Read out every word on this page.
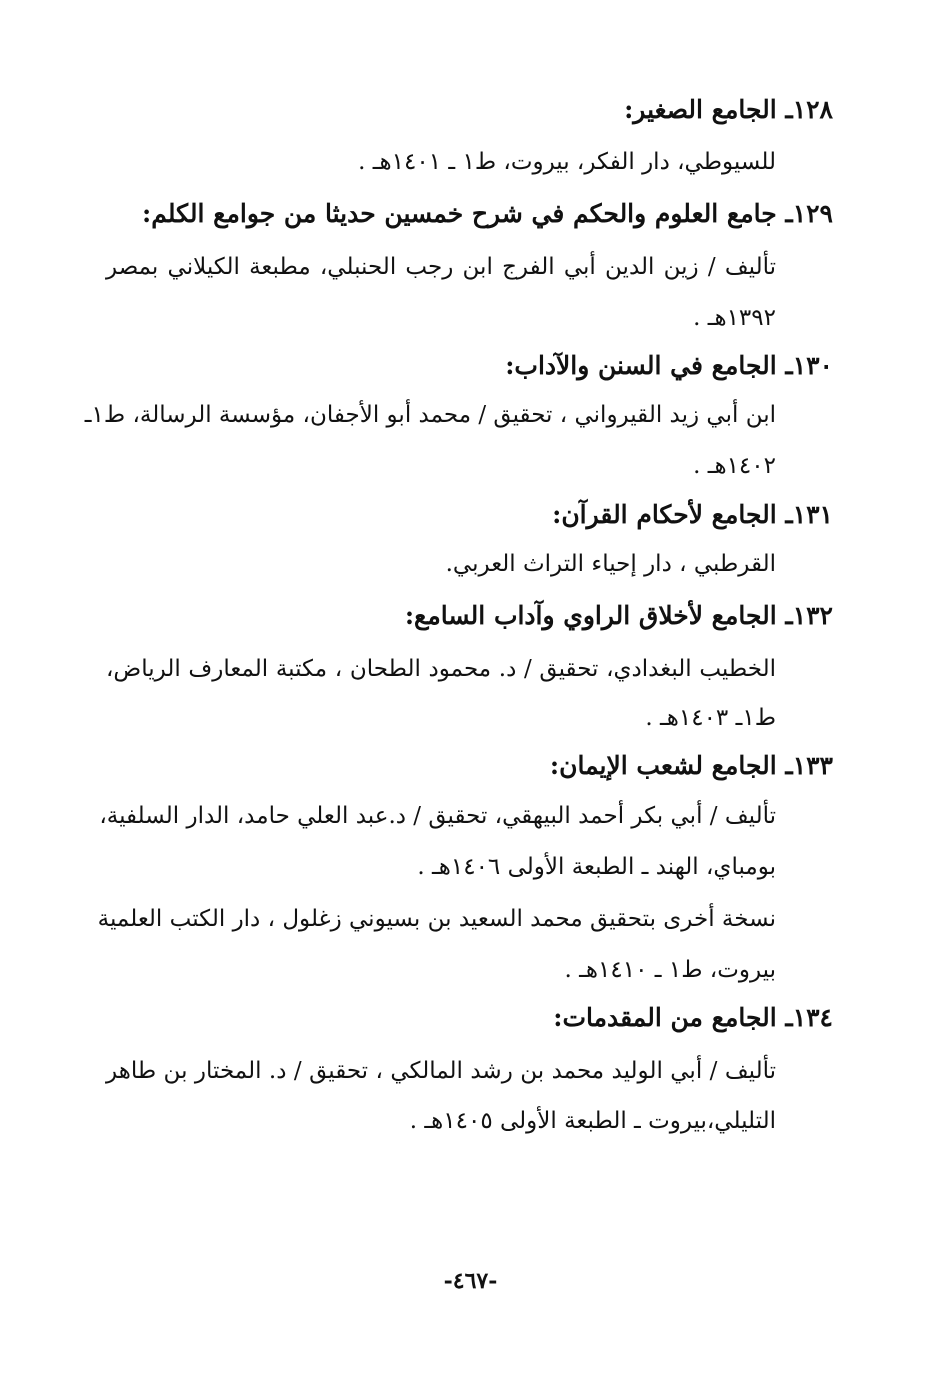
١٢٨ـ الجامع الصغير:
للسيوطي، دار الفكر، بيروت، ط١ ـ ١٤٠١هـ .
١٢٩ـ جامع العلوم والحكم في شرح خمسين حديثا من جوامع الكلم:
تأليف / زين الدين أبي الفرج ابن رجب الحنبلي، مطبعة الكيلاني بمصر
١٣٩٢هـ .
١٣٠ـ الجامع في السنن والآداب:
ابن أبي زيد القيرواني ، تحقيق / محمد أبو الأجفان، مؤسسة الرسالة، ط١ـ
١٤٠٢هـ .
١٣١ـ الجامع لأحكام القرآن:
القرطبي ، دار إحياء التراث العربي.
١٣٢ـ الجامع لأخلاق الراوي وآداب السامع:
الخطيب البغدادي، تحقيق / د. محمود الطحان ، مكتبة المعارف الرياض،
ط١ـ ١٤٠٣هـ .
١٣٣ـ الجامع لشعب الإيمان:
تأليف / أبي بكر أحمد البيهقي، تحقيق / د.عبد العلي حامد، الدار السلفية،
بومباي، الهند ـ الطبعة الأولى ١٤٠٦هـ .
نسخة أخرى بتحقيق محمد السعيد بن بسيوني زغلول ، دار الكتب العلمية
بيروت، ط١ ـ ١٤١٠هـ .
١٣٤ـ الجامع من المقدمات:
تأليف / أبي الوليد محمد بن رشد المالكي ، تحقيق / د. المختار بن طاهر
التليلي،بيروت ـ الطبعة الأولى ١٤٠٥هـ .
-٤٦٧-
